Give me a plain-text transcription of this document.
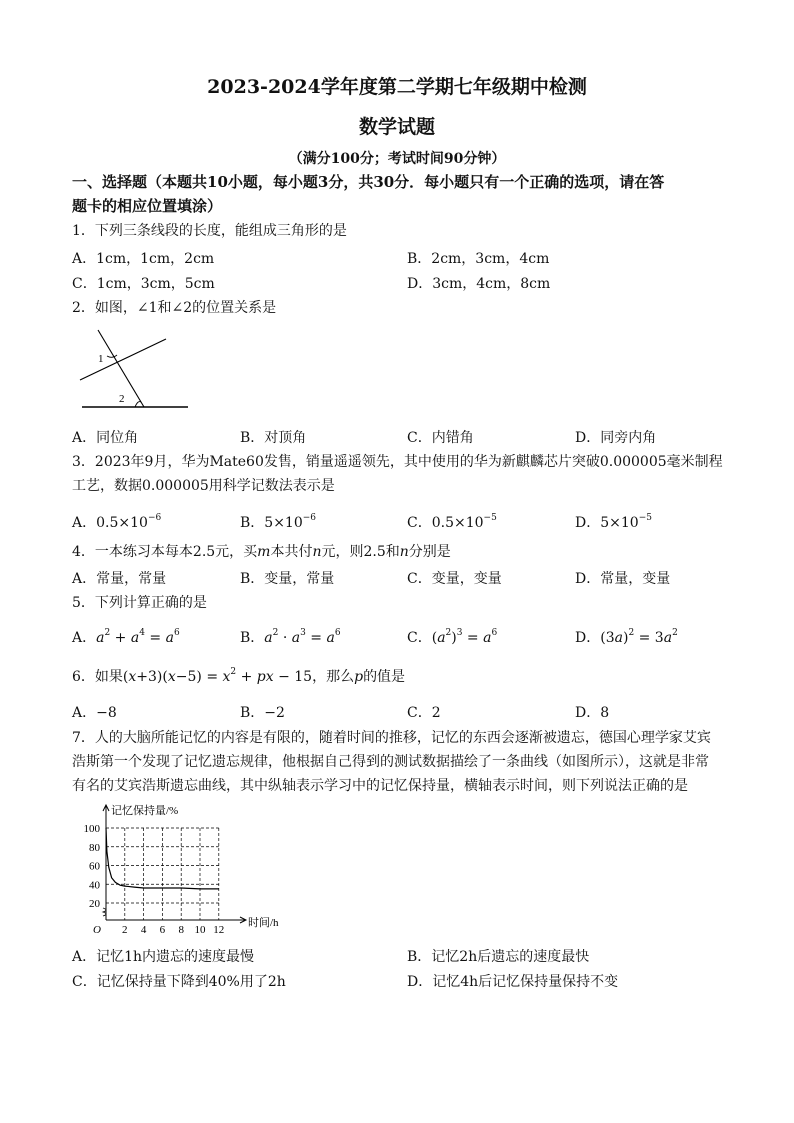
2023-2024学年度第二学期七年级期中检测
数学试题
（满分100分；考试时间90分钟）
一、选择题（本题共10小题，每小题3分，共30分．每小题只有一个正确的选项，请在答
题卡的相应位置填涂）
1．下列三条线段的长度，能组成三角形的是
A．1cm，1cm，2cm	B．2cm，3cm，4cm
C．1cm，3cm，5cm	D．3cm，4cm，8cm
2．如图，∠1和∠2的位置关系是
1
2
A．同位角	B．对顶角	C．内错角	D．同旁内角
3．2023年9月，华为Mate60发售，销量遥遥领先，其中使用的华为新麒麟芯片突破0.000005毫米制程
工艺，数据0.000005用科学记数法表示是
A．$0.5\times 10^{-6}$	B．$5\times 10^{-6}$	C．$0.5\times 10^{-5}$	D．$5\times 10^{-5}$
4．一本练习本每本2.5元，买m本共付n元，则2.5和n分别是
A．常量，常量	B．变量，常量	C．变量，变量	D．常量，变量
5．下列计算正确的是
A．$a^2 + a^4 = a^6$	B．$a^2 \cdot a^3 = a^6$	C．$(a^2)^3 = a^6$	D．$(3a)^2 = 3a^2$
6．如果$(x+3)(x-5) = x^2$ + px − 15，那么p的值是
A．−8	B．−2	C．2	D．8
7．人的大脑所能记忆的内容是有限的，随着时间的推移，记忆的东西会逐渐被遗忘，德国心理学家艾宾
浩斯第一个发现了记忆遗忘规律，他根据自己得到的测试数据描绘了一条曲线（如图所示），这就是非常
有名的艾宾浩斯遗忘曲线，其中纵轴表示学习中的记忆保持量，横轴表示时间，则下列说法正确的是
2 4 6 8 10 12
100
80
60
40
20
O
记忆保持量/%
时间/h
A．记忆1h内遗忘的速度最慢	B．记忆2h后遗忘的速度最快
C．记忆保持量下降到40%用了2h	D．记忆4h后记忆保持量保持不变
